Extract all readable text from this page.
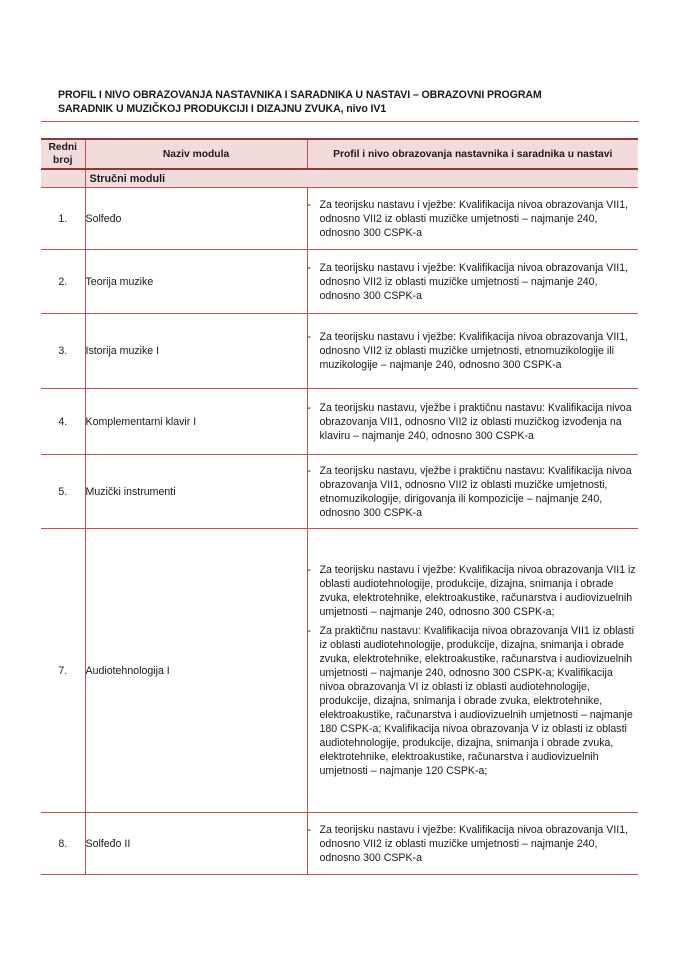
PROFIL I NIVO OBRAZOVANJA NASTAVNIKA I SARADNIKA U NASTAVI – OBRAZOVNI PROGRAM
SARADNIK U MUZIČKOJ PRODUKCIJI I DIZAJNU ZVUKA, nivo IV1
Redni
broj	Naziv modula	Profil i nivo obrazovanja nastavnika i saradnika u nastavi
	Stručni moduli	
1.	Solfeđo	- Za teorijsku nastavu i vježbe: Kvalifikacija nivoa obrazovanja VII1, odnosno VII2 iz oblasti muzičke umjetnosti – najmanje 240, odnosno 300 CSPK-a

2.	Teorija muzike	- Za teorijsku nastavu i vježbe: Kvalifikacija nivoa obrazovanja VII1, odnosno VII2 iz oblasti muzičke umjetnosti – najmanje 240, odnosno 300 CSPK-a

3.	Istorija muzike I	- Za teorijsku nastavu i vježbe: Kvalifikacija nivoa obrazovanja VII1, odnosno VII2 iz oblasti muzičke umjetnosti, etnomuzikologije ili muzikologije – najmanje 240, odnosno 300 CSPK-a

4.	Komplementarni klavir I	- Za teorijsku nastavu, vježbe i praktičnu nastavu: Kvalifikacija nivoa obrazovanja VII1, odnosno VII2 iz oblasti muzičkog izvođenja na klaviru – najmanje 240, odnosno 300 CSPK-a

5.	Muzički instrumenti	- Za teorijsku nastavu, vježbe i praktičnu nastavu: Kvalifikacija nivoa obrazovanja VII1, odnosno VII2 iz oblasti muzičke umjetnosti, etnomuzikologije, dirigovanja ili kompozicije – najmanje 240, odnosno 300 CSPK-a

7.	Audiotehnologija I	- Za teorijsku nastavu i vježbe: Kvalifikacija nivoa obrazovanja VII1 iz oblasti audiotehnologije, produkcije, dizajna, snimanja i obrade zvuka, elektrotehnike, elektroakustike, računarstva i audiovizuelnih umjetnosti – najmanje 240, odnosno 300 CSPK-a;
- Za praktičnu nastavu: Kvalifikacija nivoa obrazovanja VII1 iz oblasti iz oblasti audiotehnologije, produkcije, dizajna, snimanja i obrade zvuka, elektrotehnike, elektroakustike, računarstva i audiovizuelnih umjetnosti – najmanje 240, odnosno 300 CSPK-a; Kvalifikacija nivoa obrazovanja VI iz oblasti iz oblasti audiotehnologije, produkcije, dizajna, snimanja i obrade zvuka, elektrotehnike, elektroakustike, računarstva i audiovizuelnih umjetnosti – najmanje 180 CSPK-a; Kvalifikacija nivoa obrazovanja V iz oblasti iz oblasti audiotehnologije, produkcije, dizajna, snimanja i obrade zvuka, elektrotehnike, elektroakustike, računarstva i audiovizuelnih umjetnosti – najmanje 120 CSPK-a;

8.	Solfeđo II	- Za teorijsku nastavu i vježbe: Kvalifikacija nivoa obrazovanja VII1, odnosno VII2 iz oblasti muzičke umjetnosti – najmanje 240, odnosno 300 CSPK-a
